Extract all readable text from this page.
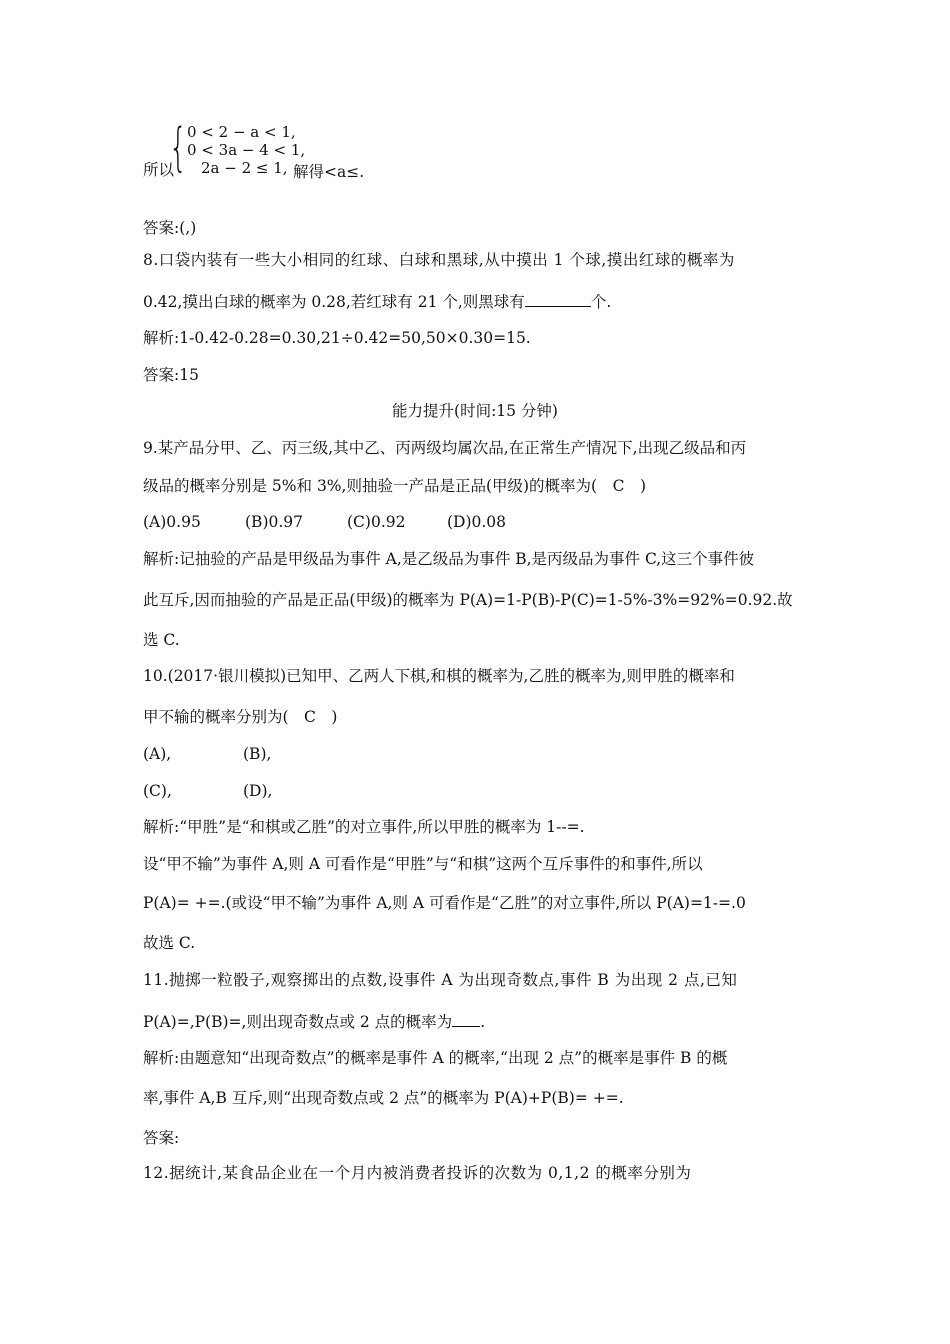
所以
{ 0 < 2 − a < 1,
0 < 3a − 4 < 1,
2a − 2 ≤ 1, 解得<a≤.
答案:(,)
8.口袋内装有一些大小相同的红球、白球和黑球,从中摸出 1 个球,摸出红球的概率为
0.42,摸出白球的概率为 0.28,若红球有 21 个,则黑球有	个.
解析:1-0.42-0.28=0.30,21÷0.42=50,50×0.30=15.
答案:15
能力提升(时间:15 分钟)
9.某产品分甲、乙、丙三级,其中乙、丙两级均属次品,在正常生产情况下,出现乙级品和丙
级品的概率分别是 5%和 3%,则抽验一产品是正品(甲级)的概率为(　C　)
(A)0.95	(B)0.97	(C)0.92	(D)0.08
解析:记抽验的产品是甲级品为事件 A,是乙级品为事件 B,是丙级品为事件 C,这三个事件彼
此互斥,因而抽验的产品是正品(甲级)的概率为 P(A)=1-P(B)-P(C)=1-5%-3%=92%=0.92.故
选 C.
10.(2017·银川模拟)已知甲、乙两人下棋,和棋的概率为,乙胜的概率为,则甲胜的概率和
甲不输的概率分别为(　C　)
(A),	(B),
(C),	(D),
解析:“甲胜”是“和棋或乙胜”的对立事件,所以甲胜的概率为 1--=.
设“甲不输”为事件 A,则 A 可看作是“甲胜”与“和棋”这两个互斥事件的和事件,所以
P(A)= +=.(或设“甲不输”为事件 A,则 A 可看作是“乙胜”的对立事件,所以 P(A)=1-=.0
故选 C.
11.抛掷一粒骰子,观察掷出的点数,设事件 A 为出现奇数点,事件 B 为出现 2 点,已知
P(A)=,P(B)=,则出现奇数点或 2 点的概率为 .
解析:由题意知“出现奇数点”的概率是事件 A 的概率,“出现 2 点”的概率是事件 B 的概
率,事件 A,B 互斥,则“出现奇数点或 2 点”的概率为 P(A)+P(B)= +=.
答案:
12.据统计,某食品企业在一个月内被消费者投诉的次数为 0,1,2 的概率分别为
